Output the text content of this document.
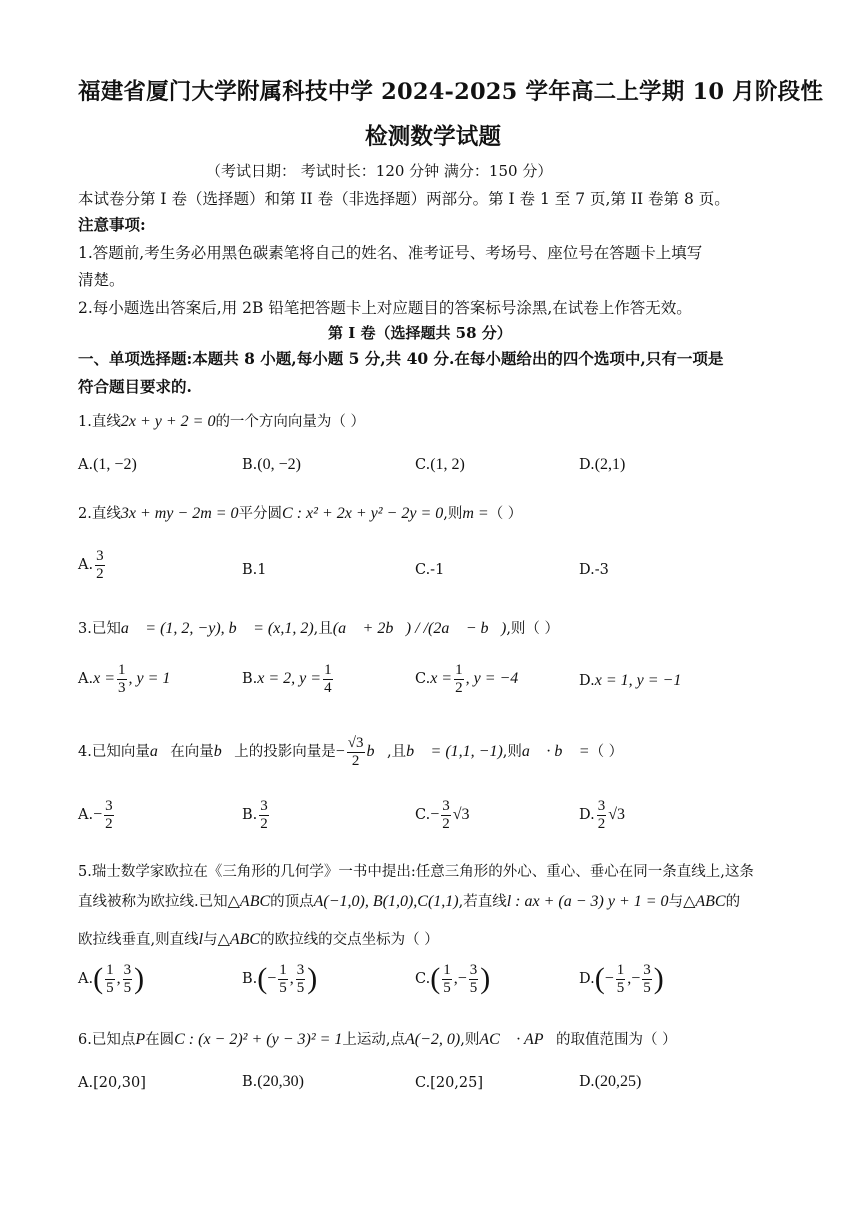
福建省厦门大学附属科技中学 2024-2025 学年高二上学期 10 月阶段性
检测数学试题
（考试日期： 考试时长：120 分钟 满分：150 分）
本试卷分第 I 卷（选择题）和第 II 卷（非选择题）两部分。第 I 卷 1 至 7 页,第 II 卷第 8 页。
注意事项:
1.答题前,考生务必用黑色碳素笔将自己的姓名、准考证号、考场号、座位号在答题卡上填写
清楚。
2.每小题选出答案后,用 2B 铅笔把答题卡上对应题目的答案标号涂黑,在试卷上作答无效。
第 I 卷（选择题共 58 分）
一、单项选择题:本题共 8 小题,每小题 5 分,共 40 分.在每小题给出的四个选项中,只有一项是
符合题目要求的.
1.直线2x + y + 2 = 0的一个方向向量为（ ）
A.(1, −2)	B.(0, −2)	C.(1, 2)	D.(2,1)
2.直线3x + my − 2m = 0平分圆C : x² + 2x + y² − 2y = 0,则m =（ ）
A. $\frac{3}{2}$	B.1	C.-1	D.-3
3.已知a⃗ = (1, 2, −y), b⃗ = (x,1, 2),且(a⃗ + 2b⃗) / /(2a⃗ − b⃗),则（ ）
$A.x = \frac{1}{3}$ , y = 1	B.x = 2, $y = \frac{1}{4}$	$C.x = \frac{1}{2}$ , y = −4	D.x = 1, y = −1
4.已知向量a⃗在向量b⃗上的投影向量是− $\frac{√3}{2}$ b⃗,且b⃗ = (1,1, −1),则a⃗ · b⃗ =（ ）
$A.- \frac{3}{2}$	B. $\frac{3}{2}$	$C.- \frac{3}{2} √3$	D. $\frac{3}{2} √3$
5.瑞士数学家欧拉在《三角形的几何学》一书中提出:任意三角形的外心、重心、垂心在同一条直线上,这条
直线被称为欧拉线.已知△ABC的顶点A(−1,0), B(1,0),C(1,1),若直线l : ax + (a − 3) y + 1 = 0与△ABC的
欧拉线垂直,则直线l与△ABC的欧拉线的交点坐标为（ ）
$A.( \frac{1}{5}$ , $\frac{3}{5}$ )	$B.(- \frac{1}{5}$ , $\frac{3}{5}$ )	$C.( \frac{1}{5}$ ,− $\frac{3}{5}$ )	$D.(- \frac{1}{5}$ ,− $\frac{3}{5}$ )
6.已知点P在圆C : (x − 2)² + (y − 3)² = 1上运动,点A(−2, 0),则AC⃗ · AP⃗的取值范围为（ ）
A.[20,30]	B.(20,30)	C.[20,25]	D.(20,25)
